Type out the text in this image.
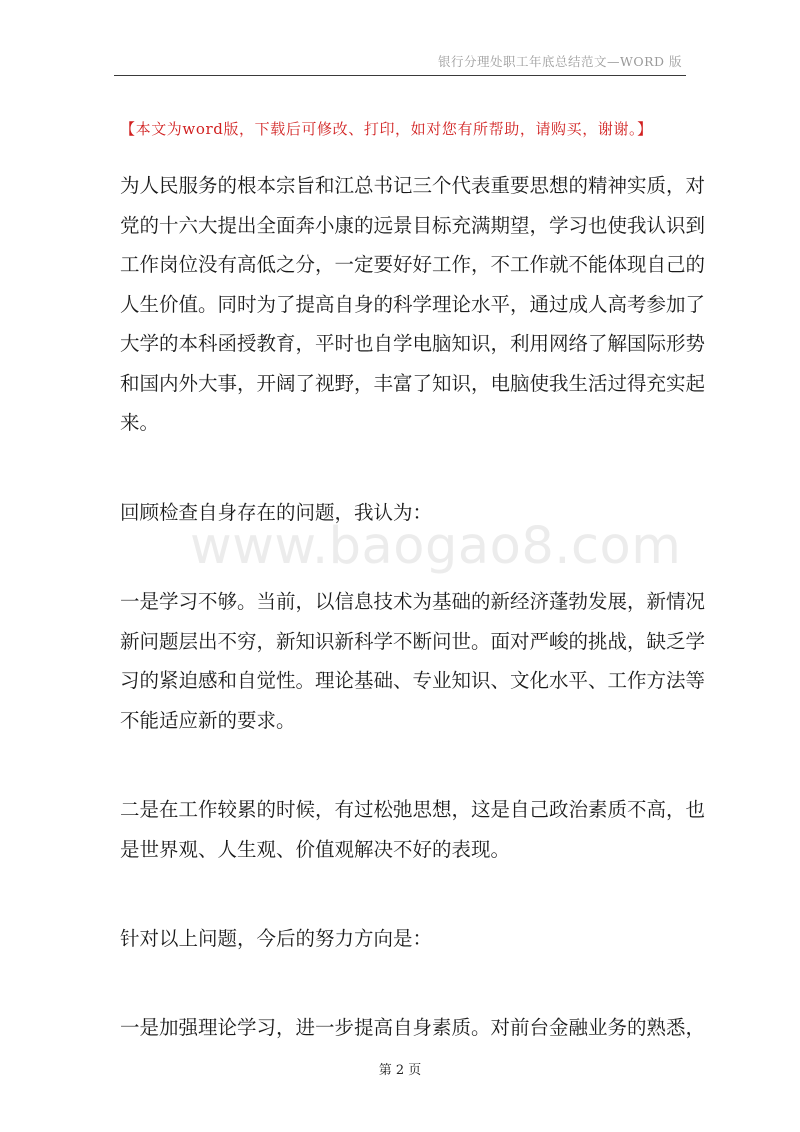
银行分理处职工年底总结范文—WORD 版
【本文为word版，下载后可修改、打印，如对您有所帮助，请购买，谢谢。】
www.baogao8.com
为人民服务的根本宗旨和江总书记三个代表重要思想的精神实质，对
党的十六大提出全面奔小康的远景目标充满期望，学习也使我认识到
工作岗位没有高低之分，一定要好好工作，不工作就不能体现自己的
人生价值。同时为了提高自身的科学理论水平，通过成人高考参加了
大学的本科函授教育，平时也自学电脑知识，利用网络了解国际形势
和国内外大事，开阔了视野，丰富了知识，电脑使我生活过得充实起
来。
回顾检查自身存在的问题，我认为：
一是学习不够。当前，以信息技术为基础的新经济蓬勃发展，新情况
新问题层出不穷，新知识新科学不断问世。面对严峻的挑战，缺乏学
习的紧迫感和自觉性。理论基础、专业知识、文化水平、工作方法等
不能适应新的要求。
二是在工作较累的时候，有过松弛思想，这是自己政治素质不高，也
是世界观、人生观、价值观解决不好的表现。
针对以上问题，今后的努力方向是：
一是加强理论学习，进一步提高自身素质。对前台金融业务的熟悉，
第 2 页
